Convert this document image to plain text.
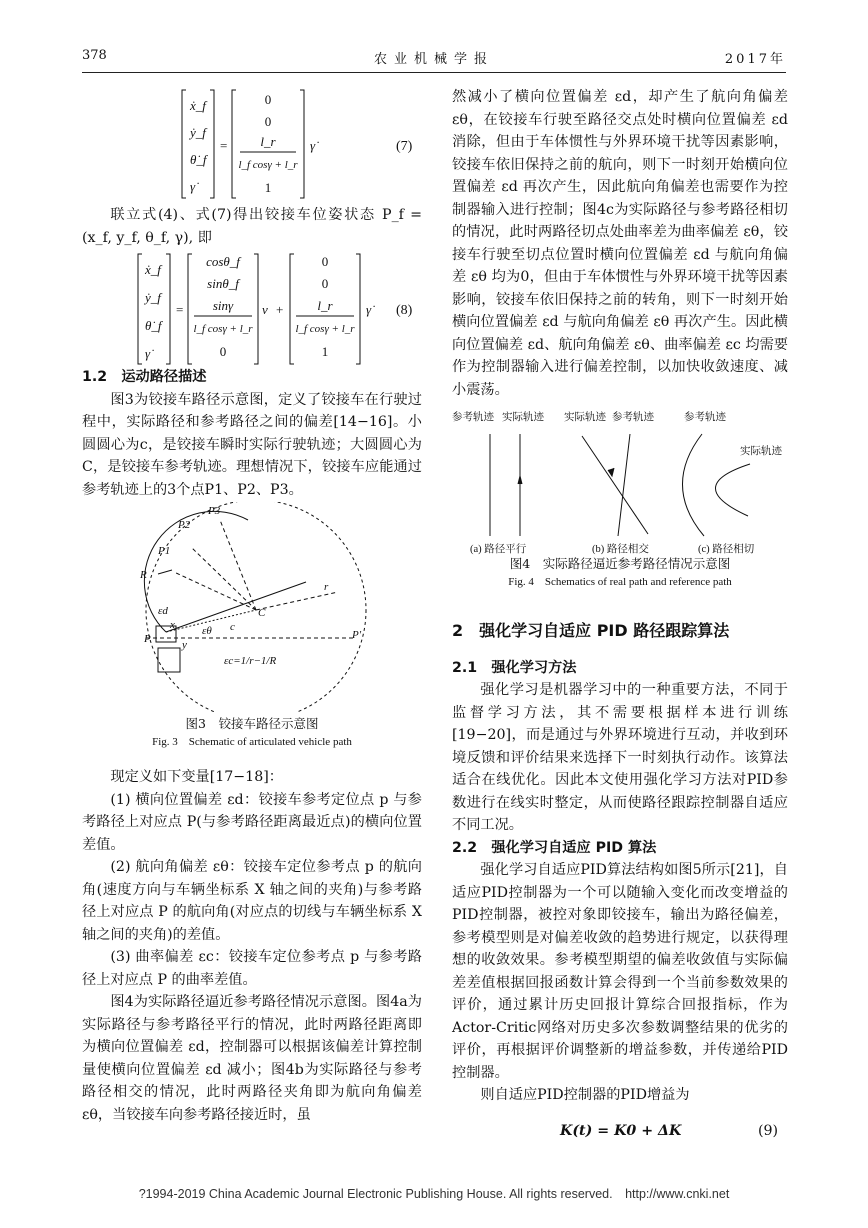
378	农业机械学报	2017年
ẋ_f
ẏ_f
θ̇_f
γ̇
=
0
0
l_r
l_f cosγ + l_r
1
γ̇	(7)

联立式(4)、式(7)得出铰接车位姿状态 P_f = (x_f, y_f, θ_f, γ), 即

ẋ_f
ẏ_f
θ̇_f
γ̇
=
cosθ_f
sinθ_f
sinγ
l_f cosγ + l_r
0
v +
0
0
l_r
l_f cosγ + l_r
1
γ̇ (8)

1.2　运动路径描述

图3为铰接车路径示意图，定义了铰接车在行驶过程中，实际路径和参考路径之间的偏差[14−16]。小圆圆心为c，是铰接车瞬时实际行驶轨迹；大圆圆心为C，是铰接车参考轨迹。理想情况下，铰接车应能通过参考轨迹上的3个点P1、P2、P3。

P3
P2
P1
R
C
c
P	P'
εd
εθ
r
x
y
εc=1/r−1/R

图3　铰接车路径示意图

Fig. 3　Schematic of articulated vehicle path

现定义如下变量[17−18]：

(1) 横向位置偏差 εd：铰接车参考定位点 p 与参考路径上对应点 P(与参考路径距离最近点)的横向位置差值。

(2) 航向角偏差 εθ：铰接车定位参考点 p 的航向角(速度方向与车辆坐标系 X 轴之间的夹角)与参考路径上对应点 P 的航向角(对应点的切线与车辆坐标系 X 轴之间的夹角)的差值。

(3) 曲率偏差 εc：铰接车定位参考点 p 与参考路径上对应点 P 的曲率差值。

图4为实际路径逼近参考路径情况示意图。图4a为实际路径与参考路径平行的情况，此时两路径距离即为横向位置偏差 εd，控制器可以根据该偏差计算控制量使横向位置偏差 εd 减小；图4b为实际路径与参考路径相交的情况，此时两路径夹角即为航向角偏差 εθ，当铰接车向参考路径接近时，虽

然减小了横向位置偏差 εd，却产生了航向角偏差 εθ，在铰接车行驶至路径交点处时横向位置偏差 εd 消除，但由于车体惯性与外界环境干扰等因素影响，铰接车依旧保持之前的航向，则下一时刻开始横向位置偏差 εd 再次产生，因此航向角偏差也需要作为控制器输入进行控制；图4c为实际路径与参考路径相切的情况，此时两路径切点处曲率差为曲率偏差 εθ，铰接车行驶至切点位置时横向位置偏差 εd 与航向角偏差 εθ 均为0，但由于车体惯性与外界环境干扰等因素影响，铰接车依旧保持之前的转角，则下一时刻开始横向位置偏差 εd 与航向角偏差 εθ 再次产生。因此横向位置偏差 εd、航向角偏差 εθ、曲率偏差 εc 均需要作为控制器输入进行偏差控制，以加快收敛速度、减小震荡。

参考轨迹 实际轨迹 实际轨迹 参考轨迹	参考轨迹
实际轨迹
(a) 路径平行	(b) 路径相交	(c) 路径相切

图4　实际路径逼近参考路径情况示意图

Fig. 4　Schematics of real path and reference path

2　强化学习自适应 PID 路径跟踪算法

2.1　强化学习方法

强化学习是机器学习中的一种重要方法，不同于监督学习方法，其不需要根据样本进行训练[19−20]，而是通过与外界环境进行互动，并收到环境反馈和评价结果来选择下一时刻执行动作。该算法适合在线优化。因此本文使用强化学习方法对PID参数进行在线实时整定，从而使路径跟踪控制器自适应不同工况。

2.2　强化学习自适应 PID 算法

强化学习自适应PID算法结构如图5所示[21]，自适应PID控制器为一个可以随输入变化而改变增益的PID控制器，被控对象即铰接车，输出为路径偏差，参考模型则是对偏差收敛的趋势进行规定，以获得理想的收敛效果。参考模型期望的偏差收敛值与实际偏差差值根据回报函数计算会得到一个当前参数效果的评价，通过累计历史回报计算综合回报指标，作为Actor-Critic网络对历史多次参数调整结果的优劣的评价，再根据评价调整新的增益参数，并传递给PID控制器。

则自适应PID控制器的PID增益为

K(t) = K0 + ΔK	(9)
?1994-2019 China Academic Journal Electronic Publishing House. All rights reserved.　http://www.cnki.net
